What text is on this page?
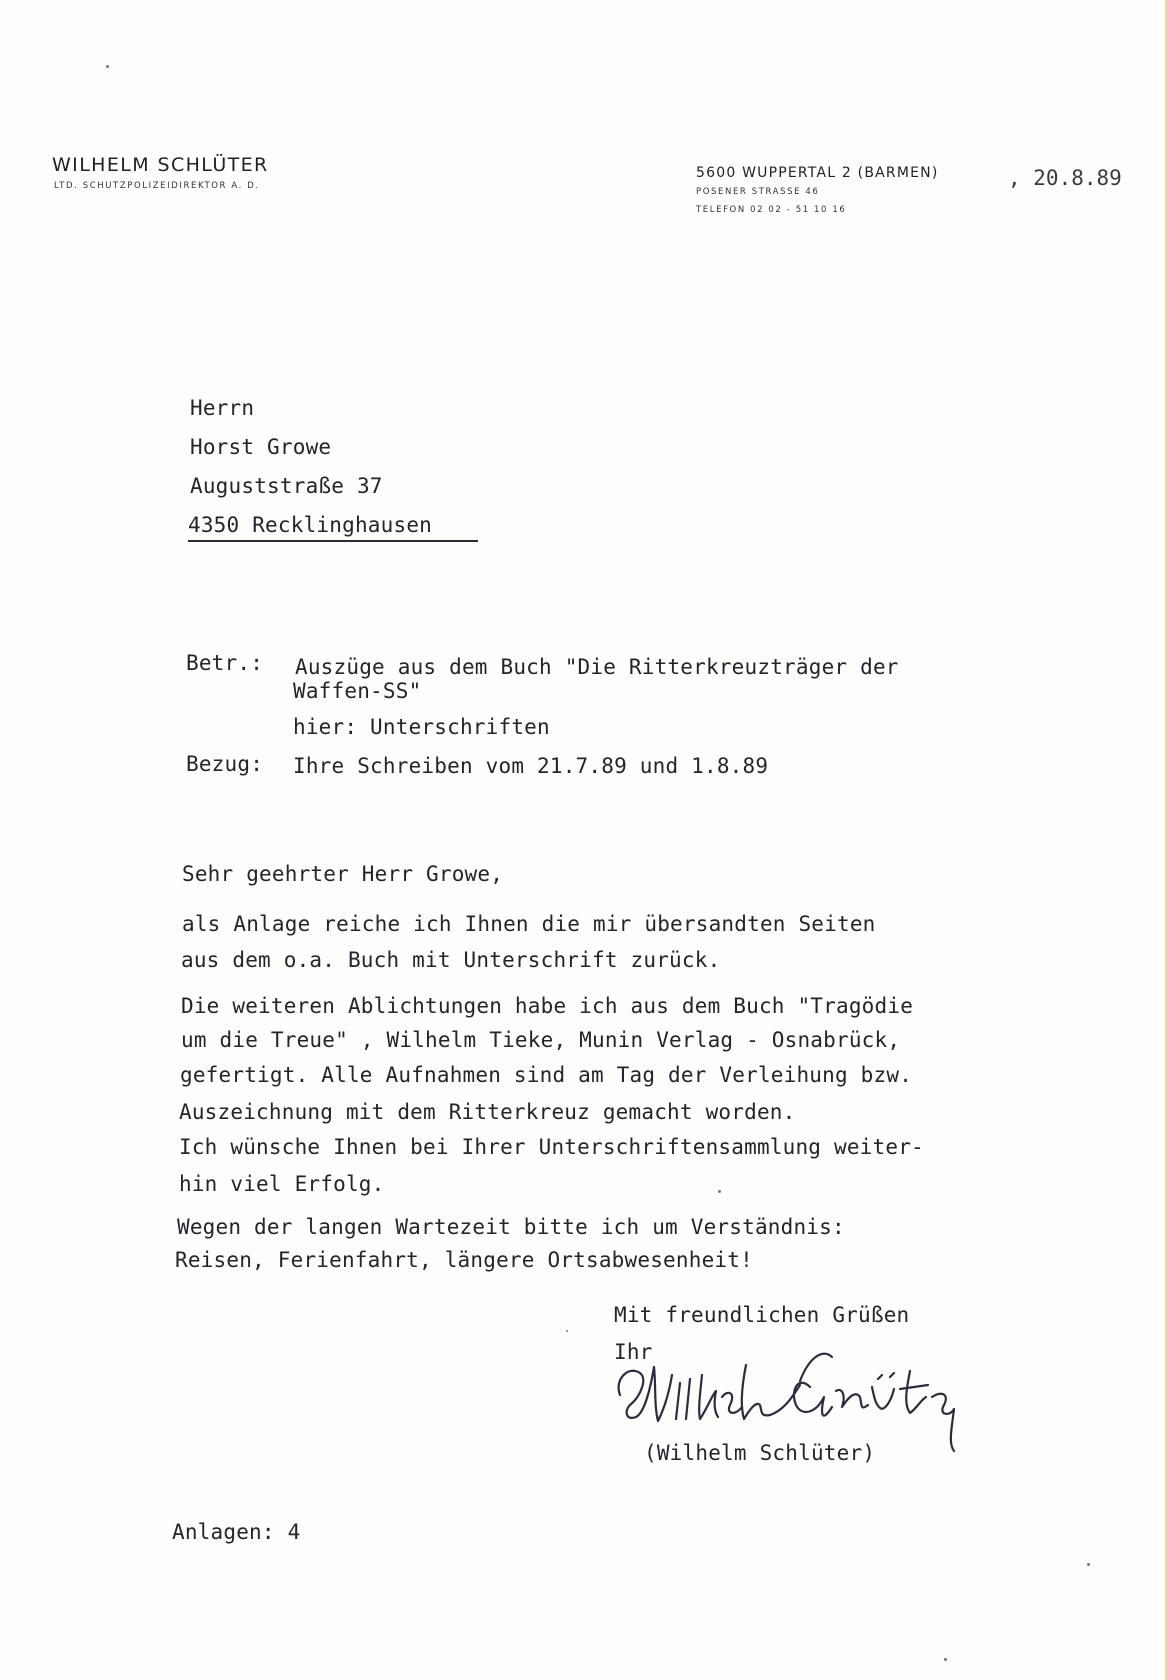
WILHELM SCHLÜTER
LTD. SCHUTZPOLIZEIDIREKTOR A. D.
5600 WUPPERTAL 2 (BARMEN)
POSENER STRASSE 46
TELEFON 02 02 - 51 10 16
, 20.8.89
Herrn
Horst Growe
Auguststraße 37
4350 Recklinghausen
Betr.: Auszüge aus dem Buch "Die Ritterkreuzträger der
Waffen-SS"
hier: Unterschriften
Bezug: Ihre Schreiben vom 21.7.89 und 1.8.89
Sehr geehrter Herr Growe,
als Anlage reiche ich Ihnen die mir übersandten Seiten
aus dem o.a. Buch mit Unterschrift zurück.
Die weiteren Ablichtungen habe ich aus dem Buch "Tragödie
um die Treue" , Wilhelm Tieke, Munin Verlag - Osnabrück,
gefertigt. Alle Aufnahmen sind am Tag der Verleihung bzw.
Auszeichnung mit dem Ritterkreuz gemacht worden.
Ich wünsche Ihnen bei Ihrer Unterschriftensammlung weiter-
hin viel Erfolg.
Wegen der langen Wartezeit bitte ich um Verständnis:
Reisen, Ferienfahrt, längere Ortsabwesenheit!
Mit freundlichen Grüßen
Ihr
(Wilhelm Schlüter)
Anlagen: 4
